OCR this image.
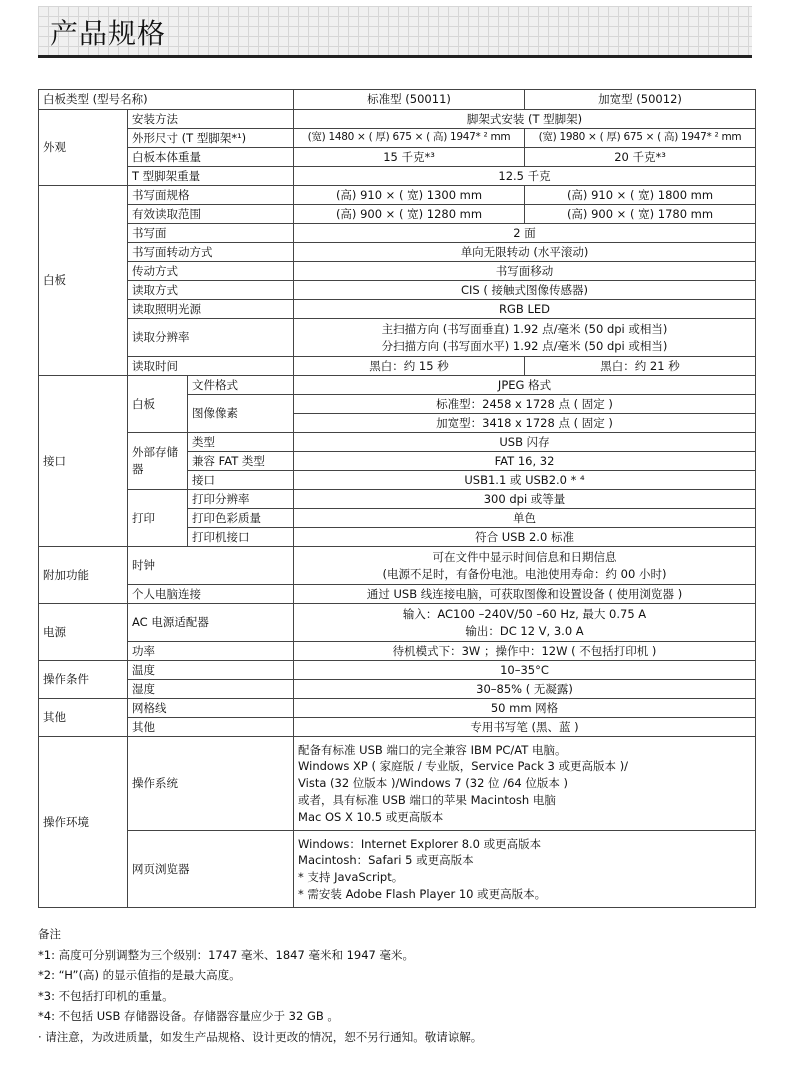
产品规格
白板类型 (型号名称)			标准型 (50011)	加宽型 (50012)
外观	安装方法		脚架式安装 (T 型脚架)	
	外形尺寸 (T 型脚架*¹)		(宽) 1480 × ( 厚) 675 × ( 高) 1947* ² mm	(宽) 1980 × ( 厚) 675 × ( 高) 1947* ² mm
	白板本体重量		15 千克*³	20 千克*³
	T 型脚架重量		12.5 千克	
白板	书写面规格		(高) 910 × ( 宽) 1300 mm	(高) 910 × ( 宽) 1800 mm
	有效读取范围		(高) 900 × ( 宽) 1280 mm	(高) 900 × ( 宽) 1780 mm
	书写面		2 面	
	书写面转动方式		单向无限转动 (水平滚动)	
	传动方式		书写面移动	
	读取方式		CIS ( 接触式图像传感器)	
	读取照明光源		RGB LED	
	读取分辨率		主扫描方向 (书写面垂直) 1.92 点/毫米 (50 dpi 或相当)
分扫描方向 (书写面水平) 1.92 点/毫米 (50 dpi 或相当)	

	读取时间		黑白：约 15 秒	黑白：约 21 秒

接口	白板	文件格式	JPEG 格式	
		图像像素	标准型：2458 x 1728 点 ( 固定 )	
			加宽型：3418 x 1728 点 ( 固定 )	
	外部存储器	类型	USB 闪存	
		兼容 FAT 类型	FAT 16, 32	
		接口	USB1.1 或 USB2.0 * ⁴	
	打印	打印分辨率	300 dpi 或等量	
		打印色彩质量	单色	
		打印机接口	符合 USB 2.0 标准	
附加功能	时钟		可在文件中显示时间信息和日期信息
(电源不足时，有备份电池。电池使用寿命：约 00 小时)	

	个人电脑连接		通过 USB 线连接电脑，可获取图像和设置设备 ( 使用浏览器 )	
电源	AC 电源适配器		输入：AC100 –240V/50 –60 Hz, 最大 0.75 A
输出：DC 12 V, 3.0 A	

	功率		待机模式下：3W ；操作中：12W ( 不包括打印机 )	
操作条件	温度		10–35°C	
	湿度		30–85% ( 无凝露)	
其他	网格线		50 mm 网格	
	其他		专用书写笔 (黑、蓝 )	
操作环境	操作系统		配备有标准 USB 端口的完全兼容 IBM PC/AT 电脑。
Windows XP ( 家庭版 / 专业版，Service Pack 3 或更高版本 )/
Vista (32 位版本 )/Windows 7 (32 位 /64 位版本 )
或者，具有标准 USB 端口的苹果 Macintosh 电脑
Mac OS X 10.5 或更高版本	

	网页浏览器		Windows：Internet Explorer 8.0 或更高版本
Macintosh：Safari 5 或更高版本
* 支持 JavaScript。
* 需安装 Adobe Flash Player 10 或更高版本。	
备注
*1: 高度可分别调整为三个级别：1747 毫米、1847 毫米和 1947 毫米。
*2: “H”(高) 的显示值指的是最大高度。
*3: 不包括打印机的重量。
*4: 不包括 USB 存储器设备。存储器容量应少于 32 GB 。
· 请注意，为改进质量，如发生产品规格、设计更改的情况，恕不另行通知。敬请谅解。
